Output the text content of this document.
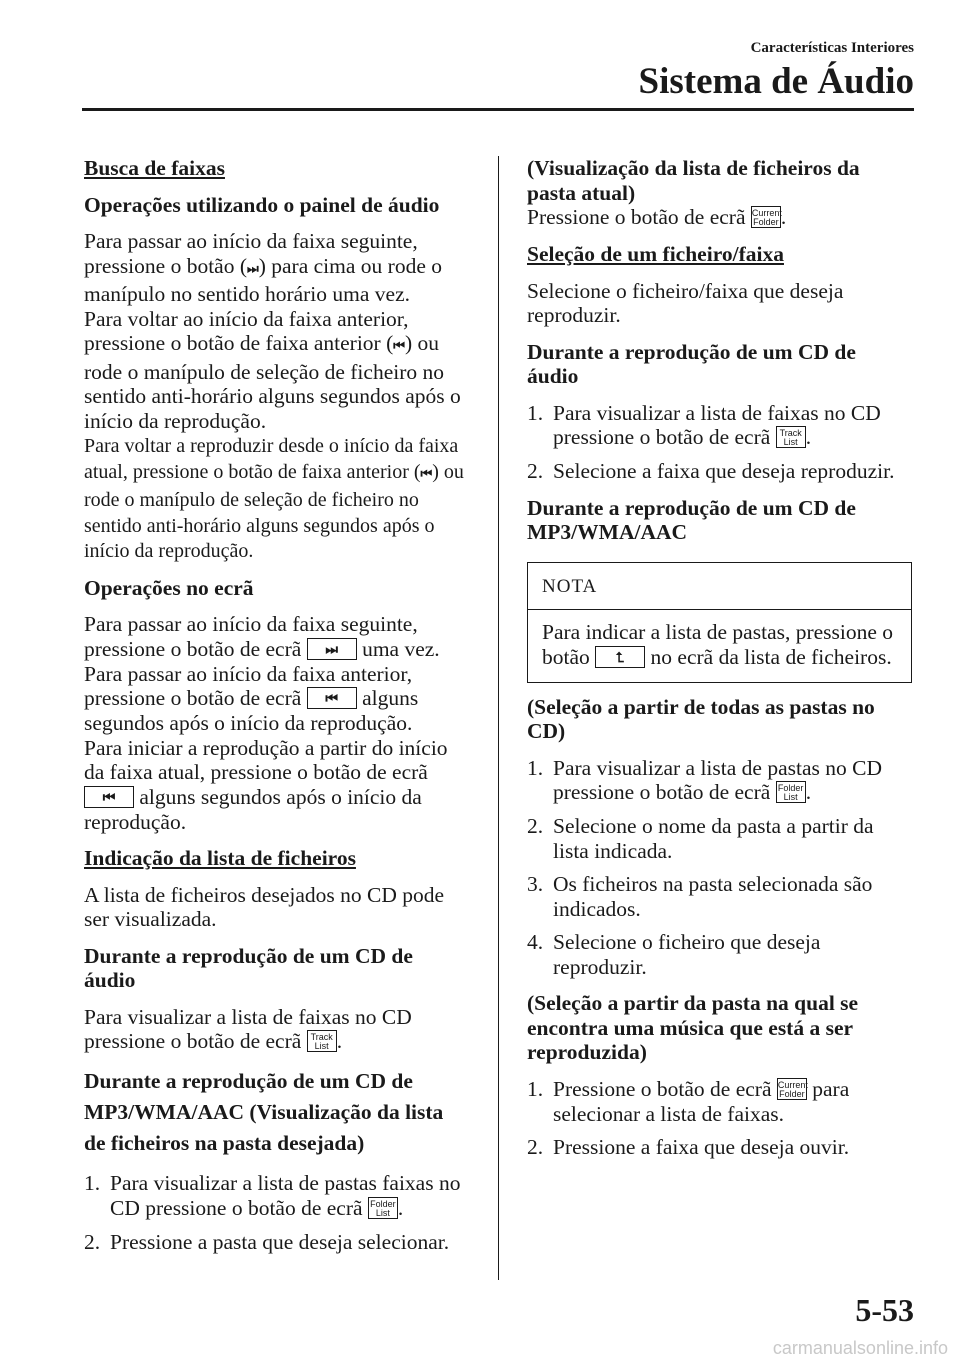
Características Interiores
Sistema de Áudio

Busca de faixas

Operações utilizando o painel de áudio

Para passar ao início da faixa seguinte, pressione o botão (⏭) para cima ou rode o manípulo no sentido horário uma vez.
Para voltar ao início da faixa anterior, pressione o botão de faixa anterior (⏮) ou rode o manípulo de seleção de ficheiro no sentido anti-horário alguns segundos após o início da reprodução.
Para voltar a reproduzir desde o início da faixa atual, pressione o botão de faixa anterior (⏮) ou rode o manípulo de seleção de ficheiro no sentido anti-horário alguns segundos após o início da reprodução.

Operações no ecrã

Para passar ao início da faixa seguinte, pressione o botão de ecrã ⏭ uma vez.
Para passar ao início da faixa anterior, pressione o botão de ecrã ⏮ alguns segundos após o início da reprodução.
Para iniciar a reprodução a partir do início da faixa atual, pressione o botão de ecrã ⏮ alguns segundos após o início da reprodução.

Indicação da lista de ficheiros

A lista de ficheiros desejados no CD pode ser visualizada.

Durante a reprodução de um CD de áudio

Para visualizar a lista de faixas no CD pressione o botão de ecrã Track
List .

Durante a reprodução de um CD de MP3/WMA/AAC (Visualização da lista de ficheiros na pasta desejada)

1. Para visualizar a lista de pastas faixas no CD pressione o botão de ecrã Folder
List .
2. Pressione a pasta que deseja selecionar.

(Visualização da lista de ficheiros da pasta atual)

Pressione o botão de ecrã Current
Folder .

Seleção de um ficheiro/faixa

Selecione o ficheiro/faixa que deseja reproduzir.

Durante a reprodução de um CD de áudio

1. Para visualizar a lista de faixas no CD pressione o botão de ecrã Track
List .
2. Selecione a faixa que deseja reproduzir.

Durante a reprodução de um CD de MP3/WMA/AAC

NOTA
Para indicar a lista de pastas, pressione o botão ⮤ no ecrã da lista de ficheiros.

(Seleção a partir de todas as pastas no CD)

1. Para visualizar a lista de pastas no CD pressione o botão de ecrã Folder
List .
2. Selecione o nome da pasta a partir da lista indicada.
3. Os ficheiros na pasta selecionada são indicados.
4. Selecione o ficheiro que deseja reproduzir.

(Seleção a partir da pasta na qual se encontra uma música que está a ser reproduzida)

1. Pressione o botão de ecrã Current
Folder para selecionar a lista de faixas.
2. Pressione a faixa que deseja ouvir.
5-53
carmanualsonline.info
